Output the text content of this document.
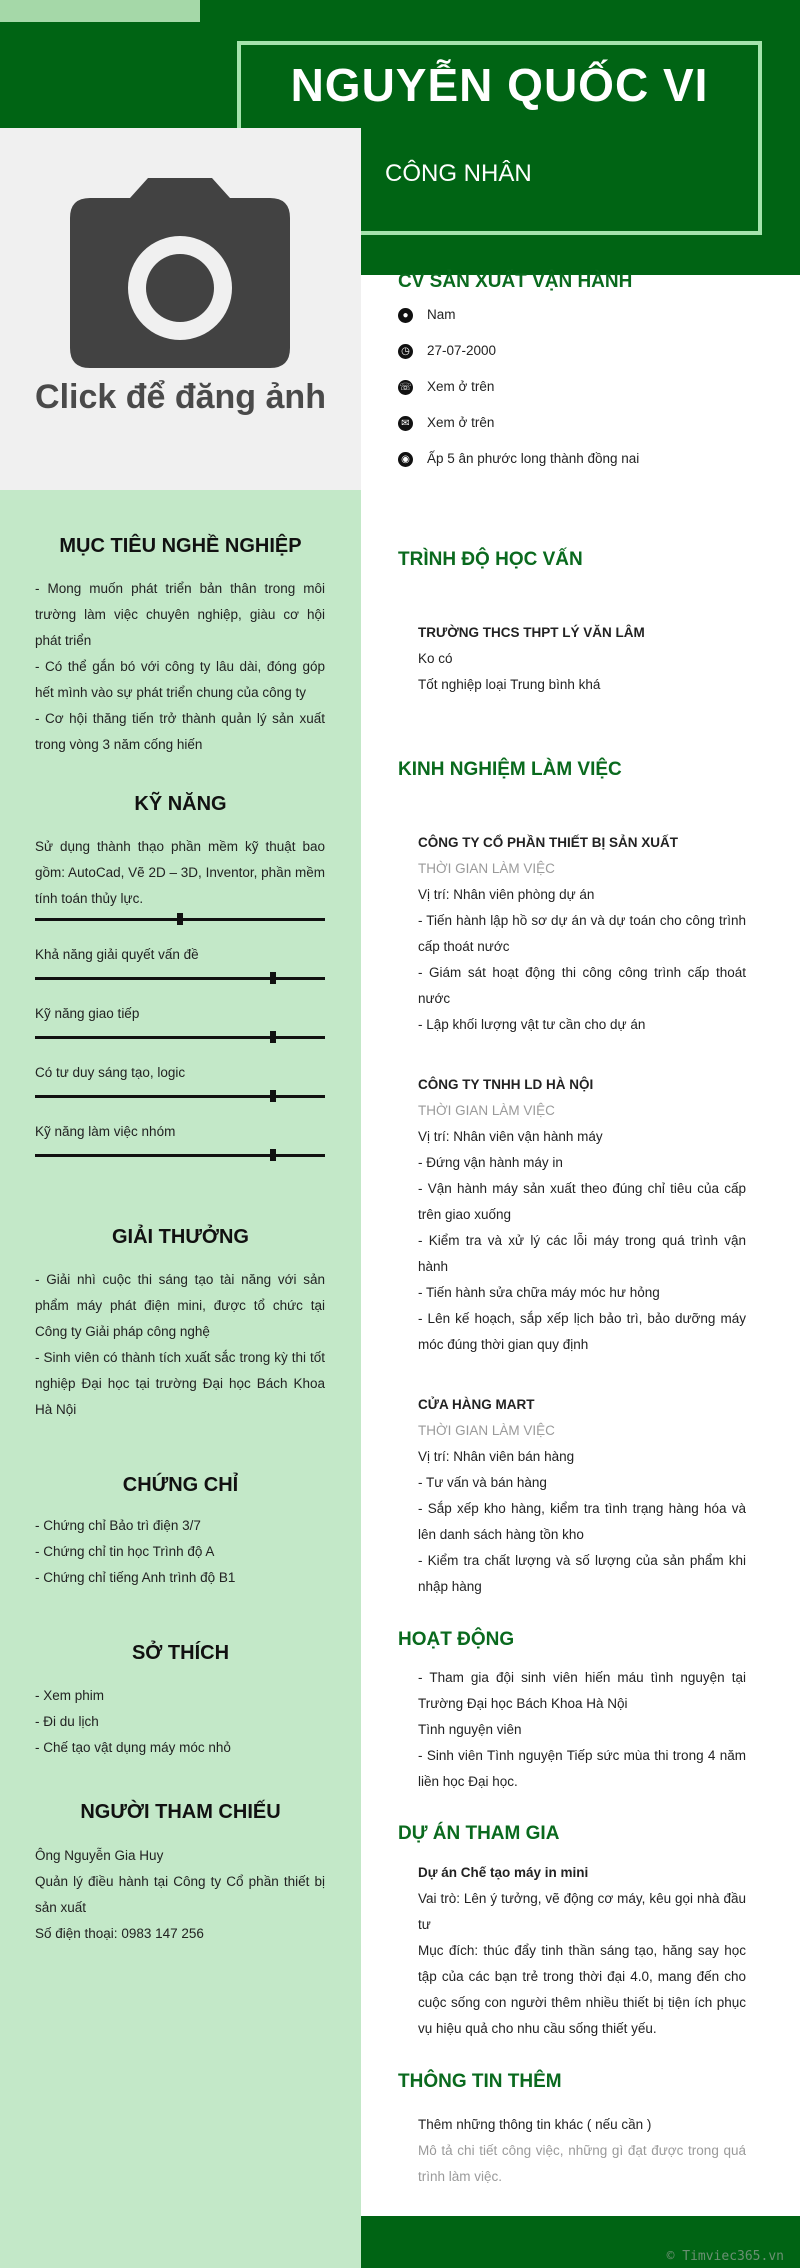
NGUYỄN QUỐC VI
CÔNG NHÂN
Click để đăng ảnh
MỤC TIÊU NGHỀ NGHIỆP
- Mong muốn phát triển bản thân trong môi trường làm việc chuyên nghiệp, giàu cơ hội phát triển
- Có thể gắn bó với công ty lâu dài, đóng góp hết mình vào sự phát triển chung của công ty
- Cơ hội thăng tiến trở thành quản lý sản xuất trong vòng 3 năm cống hiến
KỸ NĂNG
Sử dụng thành thạo phần mềm kỹ thuật bao gồm: AutoCad, Vẽ 2D – 3D, Inventor, phần mềm tính toán thủy lực.
Khả năng giải quyết vấn đề
Kỹ năng giao tiếp
Có tư duy sáng tạo, logic
Kỹ năng làm việc nhóm
GIẢI THƯỞNG
- Giải nhì cuộc thi sáng tạo tài năng với sản phẩm máy phát điện mini, được tổ chức tại Công ty Giải pháp công nghệ
- Sinh viên có thành tích xuất sắc trong kỳ thi tốt nghiệp Đại học tại trường Đại học Bách Khoa Hà Nội
CHỨNG CHỈ
- Chứng chỉ Bảo trì điện 3/7
- Chứng chỉ tin học Trình độ A
- Chứng chỉ tiếng Anh trình độ B1
SỞ THÍCH
- Xem phim
- Đi du lịch
- Chế tạo vật dụng máy móc nhỏ
NGƯỜI THAM CHIẾU
Ông Nguyễn Gia Huy
Quản lý điều hành tại Công ty Cổ phần thiết bị sản xuất
Số điện thoại: 0983 147 256
CV SẢN XUẤT VẬN HÀNH
● Nam
◷ 27-07-2000
☏ Xem ở trên
✉ Xem ở trên
◉ Ấp 5 ân phước long thành đồng nai
TRÌNH ĐỘ HỌC VẤN
TRƯỜNG THCS THPT LÝ VĂN LÂM
Ko có
Tốt nghiệp loại Trung bình khá
KINH NGHIỆM LÀM VIỆC
CÔNG TY CỔ PHẦN THIẾT BỊ SẢN XUẤT
THỜI GIAN LÀM VIỆC
Vị trí: Nhân viên phòng dự án
- Tiến hành lập hồ sơ dự án và dự toán cho công trình cấp thoát nước
- Giám sát hoạt động thi công công trình cấp thoát nước
- Lập khối lượng vật tư cần cho dự án
CÔNG TY TNHH LD HÀ NỘI
THỜI GIAN LÀM VIỆC
Vị trí: Nhân viên vận hành máy
- Đứng vận hành máy in
- Vận hành máy sản xuất theo đúng chỉ tiêu của cấp trên giao xuống
- Kiểm tra và xử lý các lỗi máy trong quá trình vận hành
- Tiến hành sửa chữa máy móc hư hỏng
- Lên kế hoạch, sắp xếp lịch bảo trì, bảo dưỡng máy móc đúng thời gian quy định
CỬA HÀNG MART
THỜI GIAN LÀM VIỆC
Vị trí: Nhân viên bán hàng
- Tư vấn và bán hàng
- Sắp xếp kho hàng, kiểm tra tình trạng hàng hóa và lên danh sách hàng tồn kho
- Kiểm tra chất lượng và số lượng của sản phẩm khi nhập hàng
HOẠT ĐỘNG
- Tham gia đội sinh viên hiến máu tình nguyện tại Trường Đại học Bách Khoa Hà Nội
Tình nguyện viên
- Sinh viên Tình nguyện Tiếp sức mùa thi trong 4 năm liền học Đại học.
DỰ ÁN THAM GIA
Dự án Chế tạo máy in mini
Vai trò: Lên ý tưởng, vẽ động cơ máy, kêu gọi nhà đầu tư
Mục đích: thúc đẩy tinh thần sáng tạo, hăng say học tập của các bạn trẻ trong thời đại 4.0, mang đến cho cuộc sống con người thêm nhiều thiết bị tiện ích phục vụ hiệu quả cho nhu cầu sống thiết yếu.
THÔNG TIN THÊM
Thêm những thông tin khác ( nếu cần )
Mô tả chi tiết công việc, những gì đạt được trong quá trình làm việc.
© Timviec365.vn
